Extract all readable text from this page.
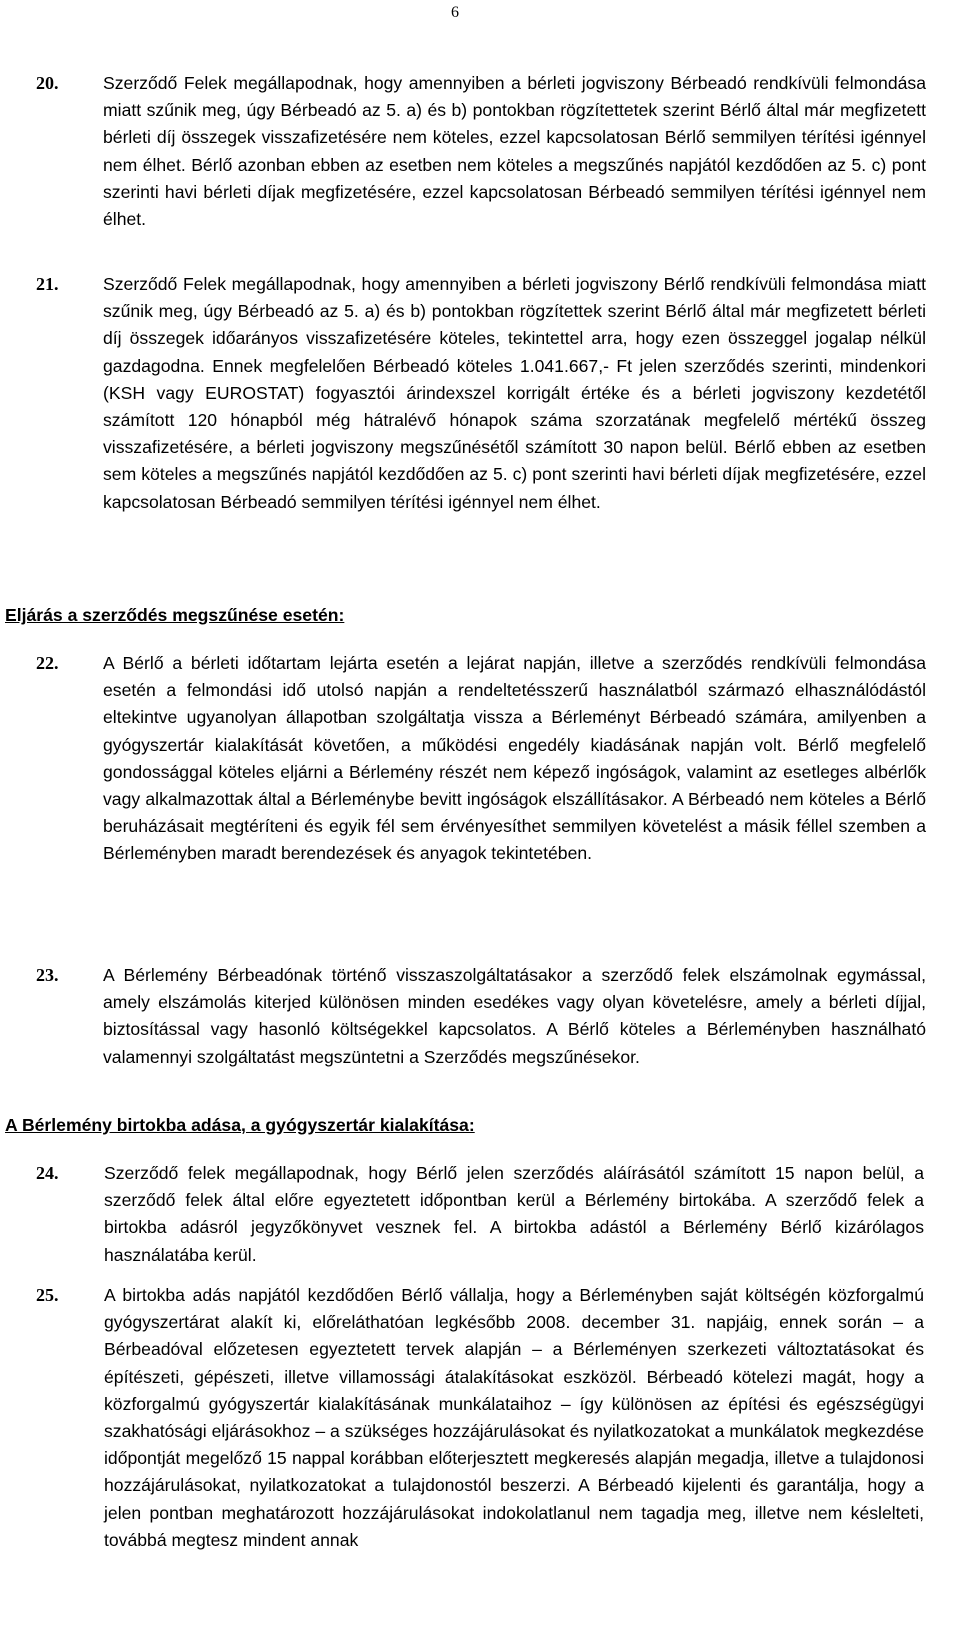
6
20.	Szerződő Felek megállapodnak, hogy amennyiben a bérleti jogviszony Bérbeadó rendkívüli felmondása miatt szűnik meg, úgy Bérbeadó az 5. a) és b) pontokban rögzítettetek szerint Bérlő által már megfizetett bérleti díj összegek visszafizetésére nem köteles, ezzel kapcsolatosan Bérlő semmilyen térítési igénnyel nem élhet. Bérlő azonban ebben az esetben nem köteles a megszűnés napjától kezdődően az 5. c) pont szerinti havi bérleti díjak megfizetésére, ezzel kapcsolatosan Bérbeadó semmilyen térítési igénnyel nem élhet.
21.	Szerződő Felek megállapodnak, hogy amennyiben a bérleti jogviszony Bérlő rendkívüli felmondása miatt szűnik meg, úgy Bérbeadó az 5. a) és b) pontokban rögzítettek szerint Bérlő által már megfizetett bérleti díj összegek időarányos visszafizetésére köteles, tekintettel arra, hogy ezen összeggel jogalap nélkül gazdagodna. Ennek megfelelően Bérbeadó köteles 1.041.667,- Ft jelen szerződés szerinti, mindenkori (KSH vagy EUROSTAT) fogyasztói árindexszel korrigált értéke és a bérleti jogviszony kezdetétől számított 120 hónapból még hátralévő hónapok száma szorzatának megfelelő mértékű összeg visszafizetésére, a bérleti jogviszony megszűnésétől számított 30 napon belül. Bérlő ebben az esetben sem köteles a megszűnés napjától kezdődően az 5. c) pont szerinti havi bérleti díjak megfizetésére, ezzel kapcsolatosan Bérbeadó semmilyen térítési igénnyel nem élhet.
Eljárás a szerződés megszűnése esetén:
22.	A Bérlő a bérleti időtartam lejárta esetén a lejárat napján, illetve a szerződés rendkívüli felmondása esetén a felmondási idő utolsó napján a rendeltetésszerű használatból származó elhasználódástól eltekintve ugyanolyan állapotban szolgáltatja vissza a Bérleményt Bérbeadó számára, amilyenben a gyógyszertár kialakítását követően, a működési engedély kiadásának napján volt. Bérlő megfelelő gondossággal köteles eljárni a Bérlemény részét nem képező ingóságok, valamint az esetleges albérlők vagy alkalmazottak által a Bérleménybe bevitt ingóságok elszállításakor. A Bérbeadó nem köteles a Bérlő beruházásait megtéríteni és egyik fél sem érvényesíthet semmilyen követelést a másik féllel szemben a Bérleményben maradt berendezések és anyagok tekintetében.
23.	A Bérlemény Bérbeadónak történő visszaszolgáltatásakor a szerződő felek elszámolnak egymással, amely elszámolás kiterjed különösen minden esedékes vagy olyan követelésre, amely a bérleti díjjal, biztosítással vagy hasonló költségekkel kapcsolatos. A Bérlő köteles a Bérleményben használható valamennyi szolgáltatást megszüntetni a Szerződés megszűnésekor.
A Bérlemény birtokba adása, a gyógyszertár kialakítása:
24.	Szerződő felek megállapodnak, hogy Bérlő jelen szerződés aláírásától számított 15 napon belül, a szerződő felek által előre egyeztetett időpontban kerül a Bérlemény birtokába. A szerződő felek a birtokba adásról jegyzőkönyvet vesznek fel. A birtokba adástól a Bérlemény Bérlő kizárólagos használatába kerül.
25.	A birtokba adás napjától kezdődően Bérlő vállalja, hogy a Bérleményben saját költségén közforgalmú gyógyszertárat alakít ki, előreláthatóan legkésőbb 2008. december 31. napjáig, ennek során – a Bérbeadóval előzetesen egyeztetett tervek alapján – a Bérleményen szerkezeti változtatásokat és építészeti, gépészeti, illetve villamossági átalakításokat eszközöl. Bérbeadó kötelezi magát, hogy a közforgalmú gyógyszertár kialakításának munkálataihoz – így különösen az építési és egészségügyi szakhatósági eljárásokhoz – a szükséges hozzájárulásokat és nyilatkozatokat a munkálatok megkezdése időpontját megelőző 15 nappal korábban előterjesztett megkeresés alapján megadja, illetve a tulajdonosi hozzájárulásokat, nyilatkozatokat a tulajdonostól beszerzi. A Bérbeadó kijelenti és garantálja, hogy a jelen pontban meghatározott hozzájárulásokat indokolatlanul nem tagadja meg, illetve nem késlelteti, továbbá megtesz mindent annak
